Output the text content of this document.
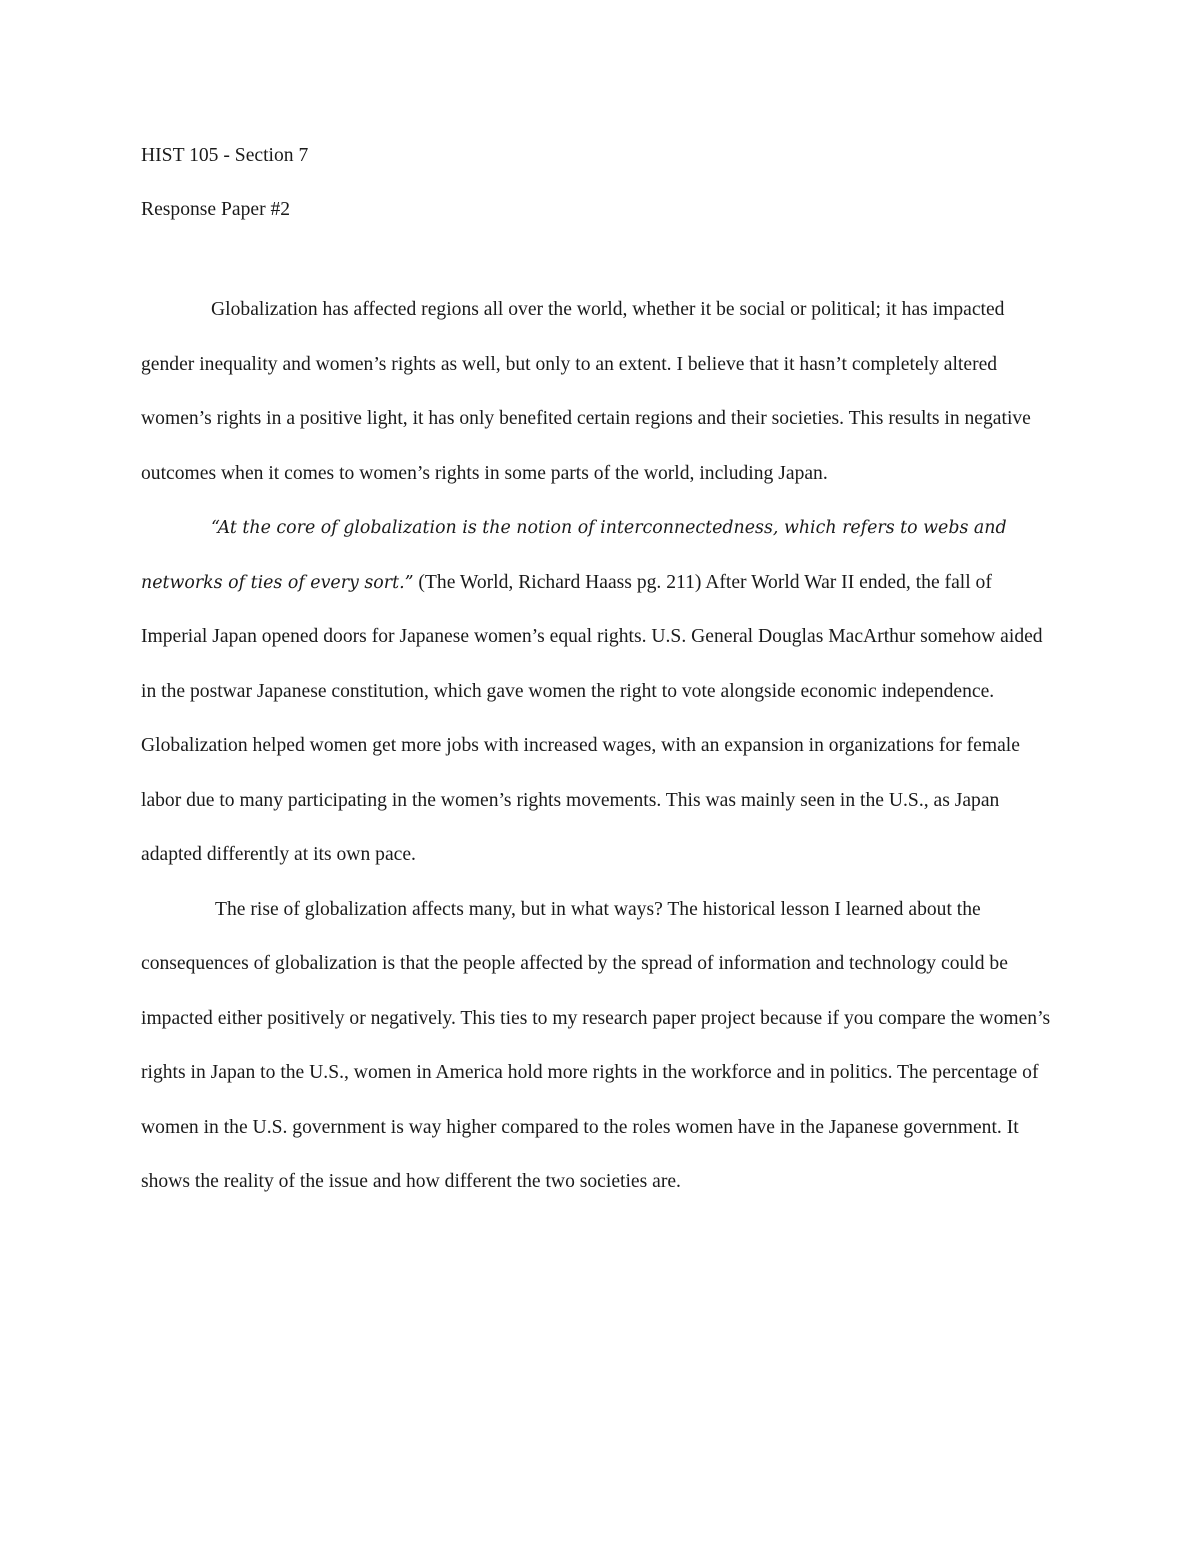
HIST 105 - Section 7

Response Paper #2

Globalization has affected regions all over the world, whether it be social or political; it has impacted gender inequality and women’s rights as well, but only to an extent. I believe that it hasn’t completely altered women’s rights in a positive light, it has only benefited certain regions and their societies. This results in negative outcomes when it comes to women’s rights in some parts of the world, including Japan.

“At the core of globalization is the notion of interconnectedness, which refers to webs and networks of ties of every sort.” (The World, Richard Haass pg. 211) After World War II ended, the fall of Imperial Japan opened doors for Japanese women’s equal rights. U.S. General Douglas MacArthur somehow aided in the postwar Japanese constitution, which gave women the right to vote alongside economic independence. Globalization helped women get more jobs with increased wages, with an expansion in organizations for female labor due to many participating in the women’s rights movements. This was mainly seen in the U.S., as Japan adapted differently at its own pace.

The rise of globalization affects many, but in what ways? The historical lesson I learned about the consequences of globalization is that the people affected by the spread of information and technology could be impacted either positively or negatively. This ties to my research paper project because if you compare the women’s rights in Japan to the U.S., women in America hold more rights in the workforce and in politics. The percentage of women in the U.S. government is way higher compared to the roles women have in the Japanese government. It shows the reality of the issue and how different the two societies are.
